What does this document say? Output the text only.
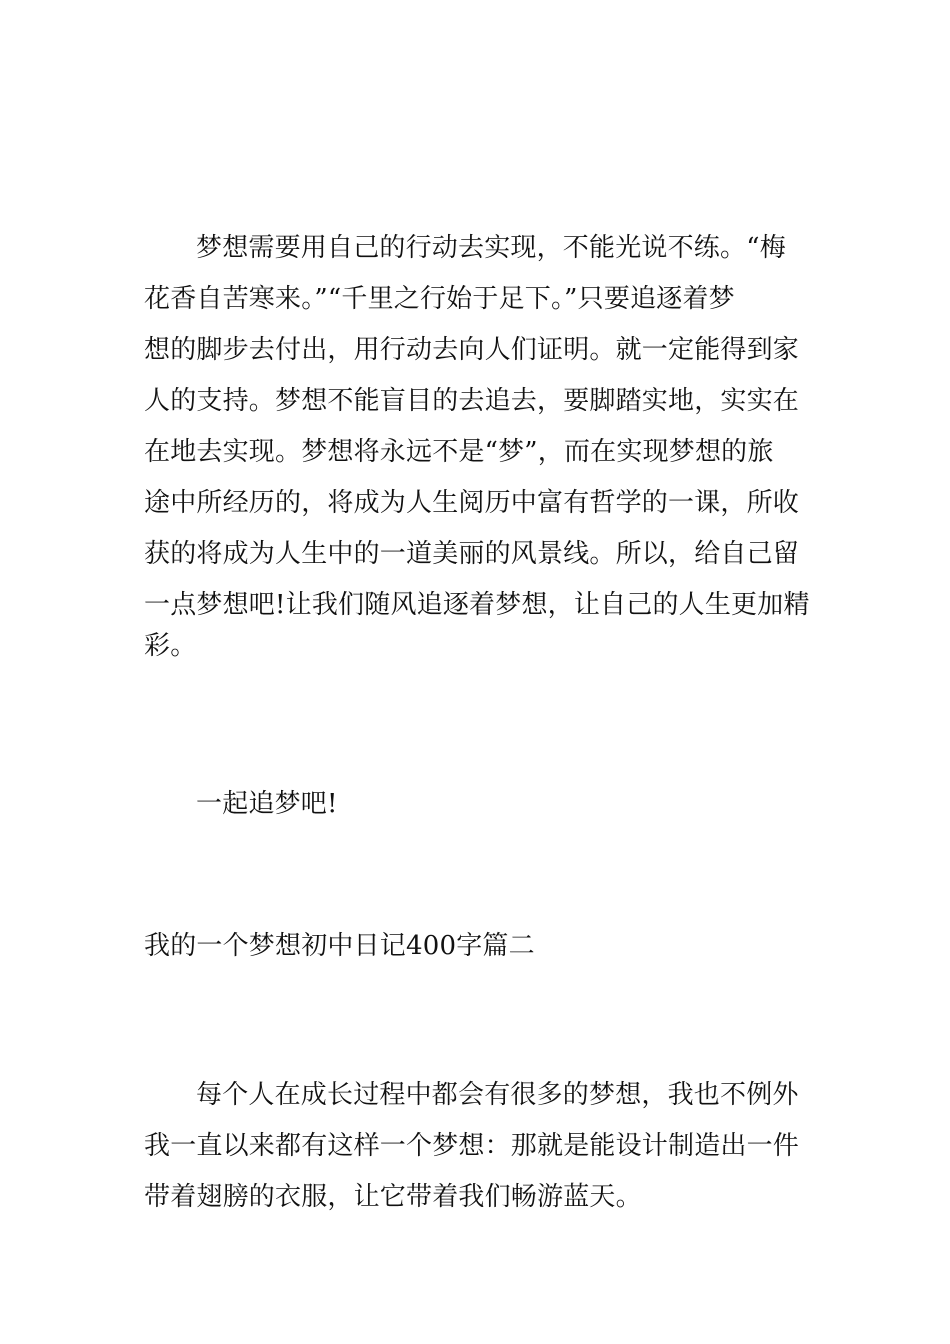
梦想需要用自己的行动去实现，不能光说不练。“梅
花香自苦寒来。”“千里之行始于足下。”只要追逐着梦
想的脚步去付出，用行动去向人们证明。就一定能得到家
人的支持。梦想不能盲目的去追去，要脚踏实地，实实在
在地去实现。梦想将永远不是“梦”，而在实现梦想的旅
途中所经历的，将成为人生阅历中富有哲学的一课，所收
获的将成为人生中的一道美丽的风景线。所以，给自己留
一点梦想吧!让我们随风追逐着梦想，让自己的人生更加精
彩。
一起追梦吧!
我的一个梦想初中日记400字篇二
每个人在成长过程中都会有很多的梦想，我也不例外
我一直以来都有这样一个梦想：那就是能设计制造出一件
带着翅膀的衣服，让它带着我们畅游蓝天。
